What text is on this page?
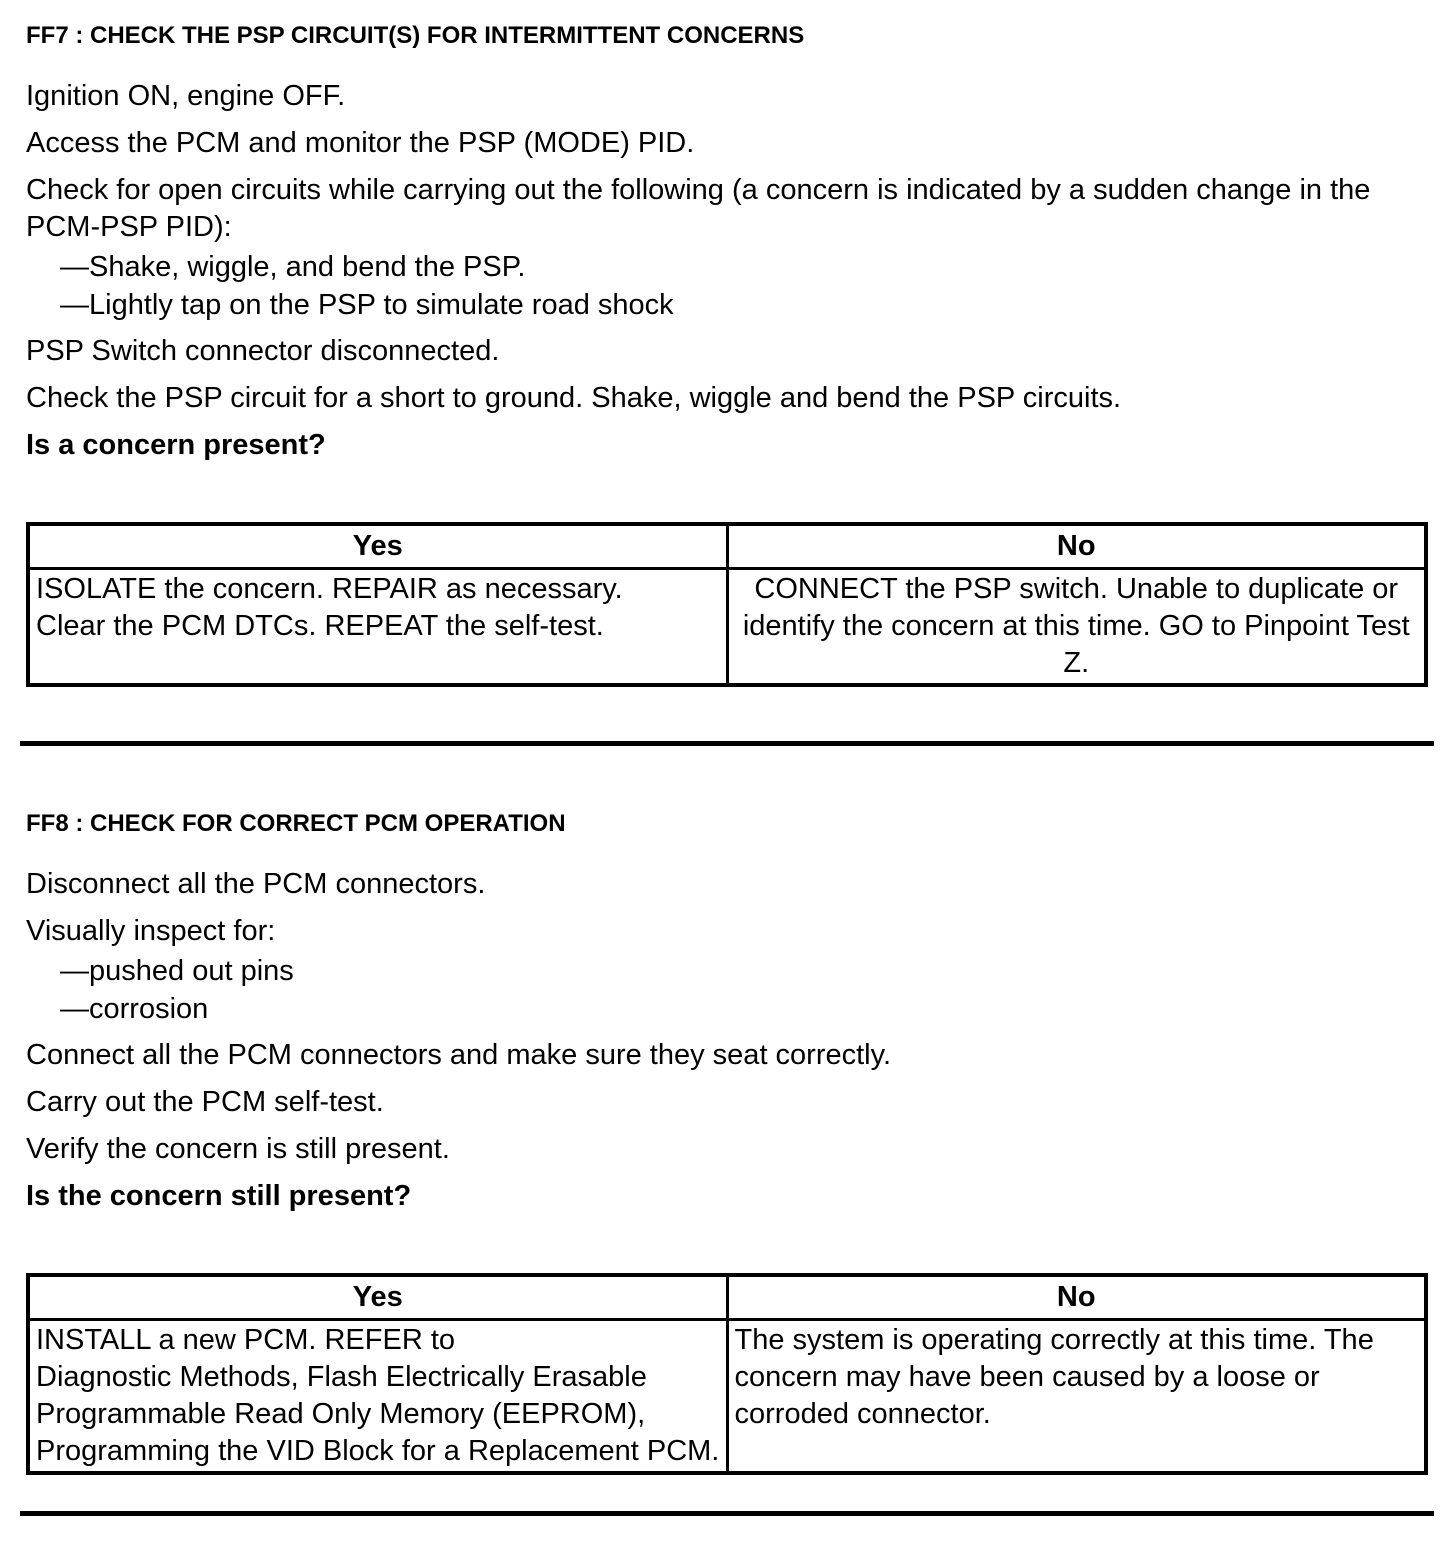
FF7 : CHECK THE PSP CIRCUIT(S) FOR INTERMITTENT CONCERNS

Ignition ON, engine OFF.

Access the PCM and monitor the PSP (MODE) PID.

Check for open circuits while carrying out the following (a concern is indicated by a sudden change in the PCM-PSP PID):

—Shake, wiggle, and bend the PSP.

—Lightly tap on the PSP to simulate road shock

PSP Switch connector disconnected.

Check the PSP circuit for a short to ground. Shake, wiggle and bend the PSP circuits.

Is a concern present?

Yes	No

ISOLATE the concern. REPAIR as necessary.
Clear the PCM DTCs. REPEAT the self-test.	CONNECT the PSP switch. Unable to duplicate or identify the concern at this time. GO to Pinpoint Test Z.
FF8 : CHECK FOR CORRECT PCM OPERATION

Disconnect all the PCM connectors.

Visually inspect for:

—pushed out pins

—corrosion

Connect all the PCM connectors and make sure they seat correctly.

Carry out the PCM self-test.

Verify the concern is still present.

Is the concern still present?

Yes	No

INSTALL a new PCM. REFER to
Diagnostic Methods, Flash Electrically Erasable Programmable Read Only Memory (EEPROM), Programming the VID Block for a Replacement PCM.	The system is operating correctly at this time. The concern may have been caused by a loose or corroded connector.
